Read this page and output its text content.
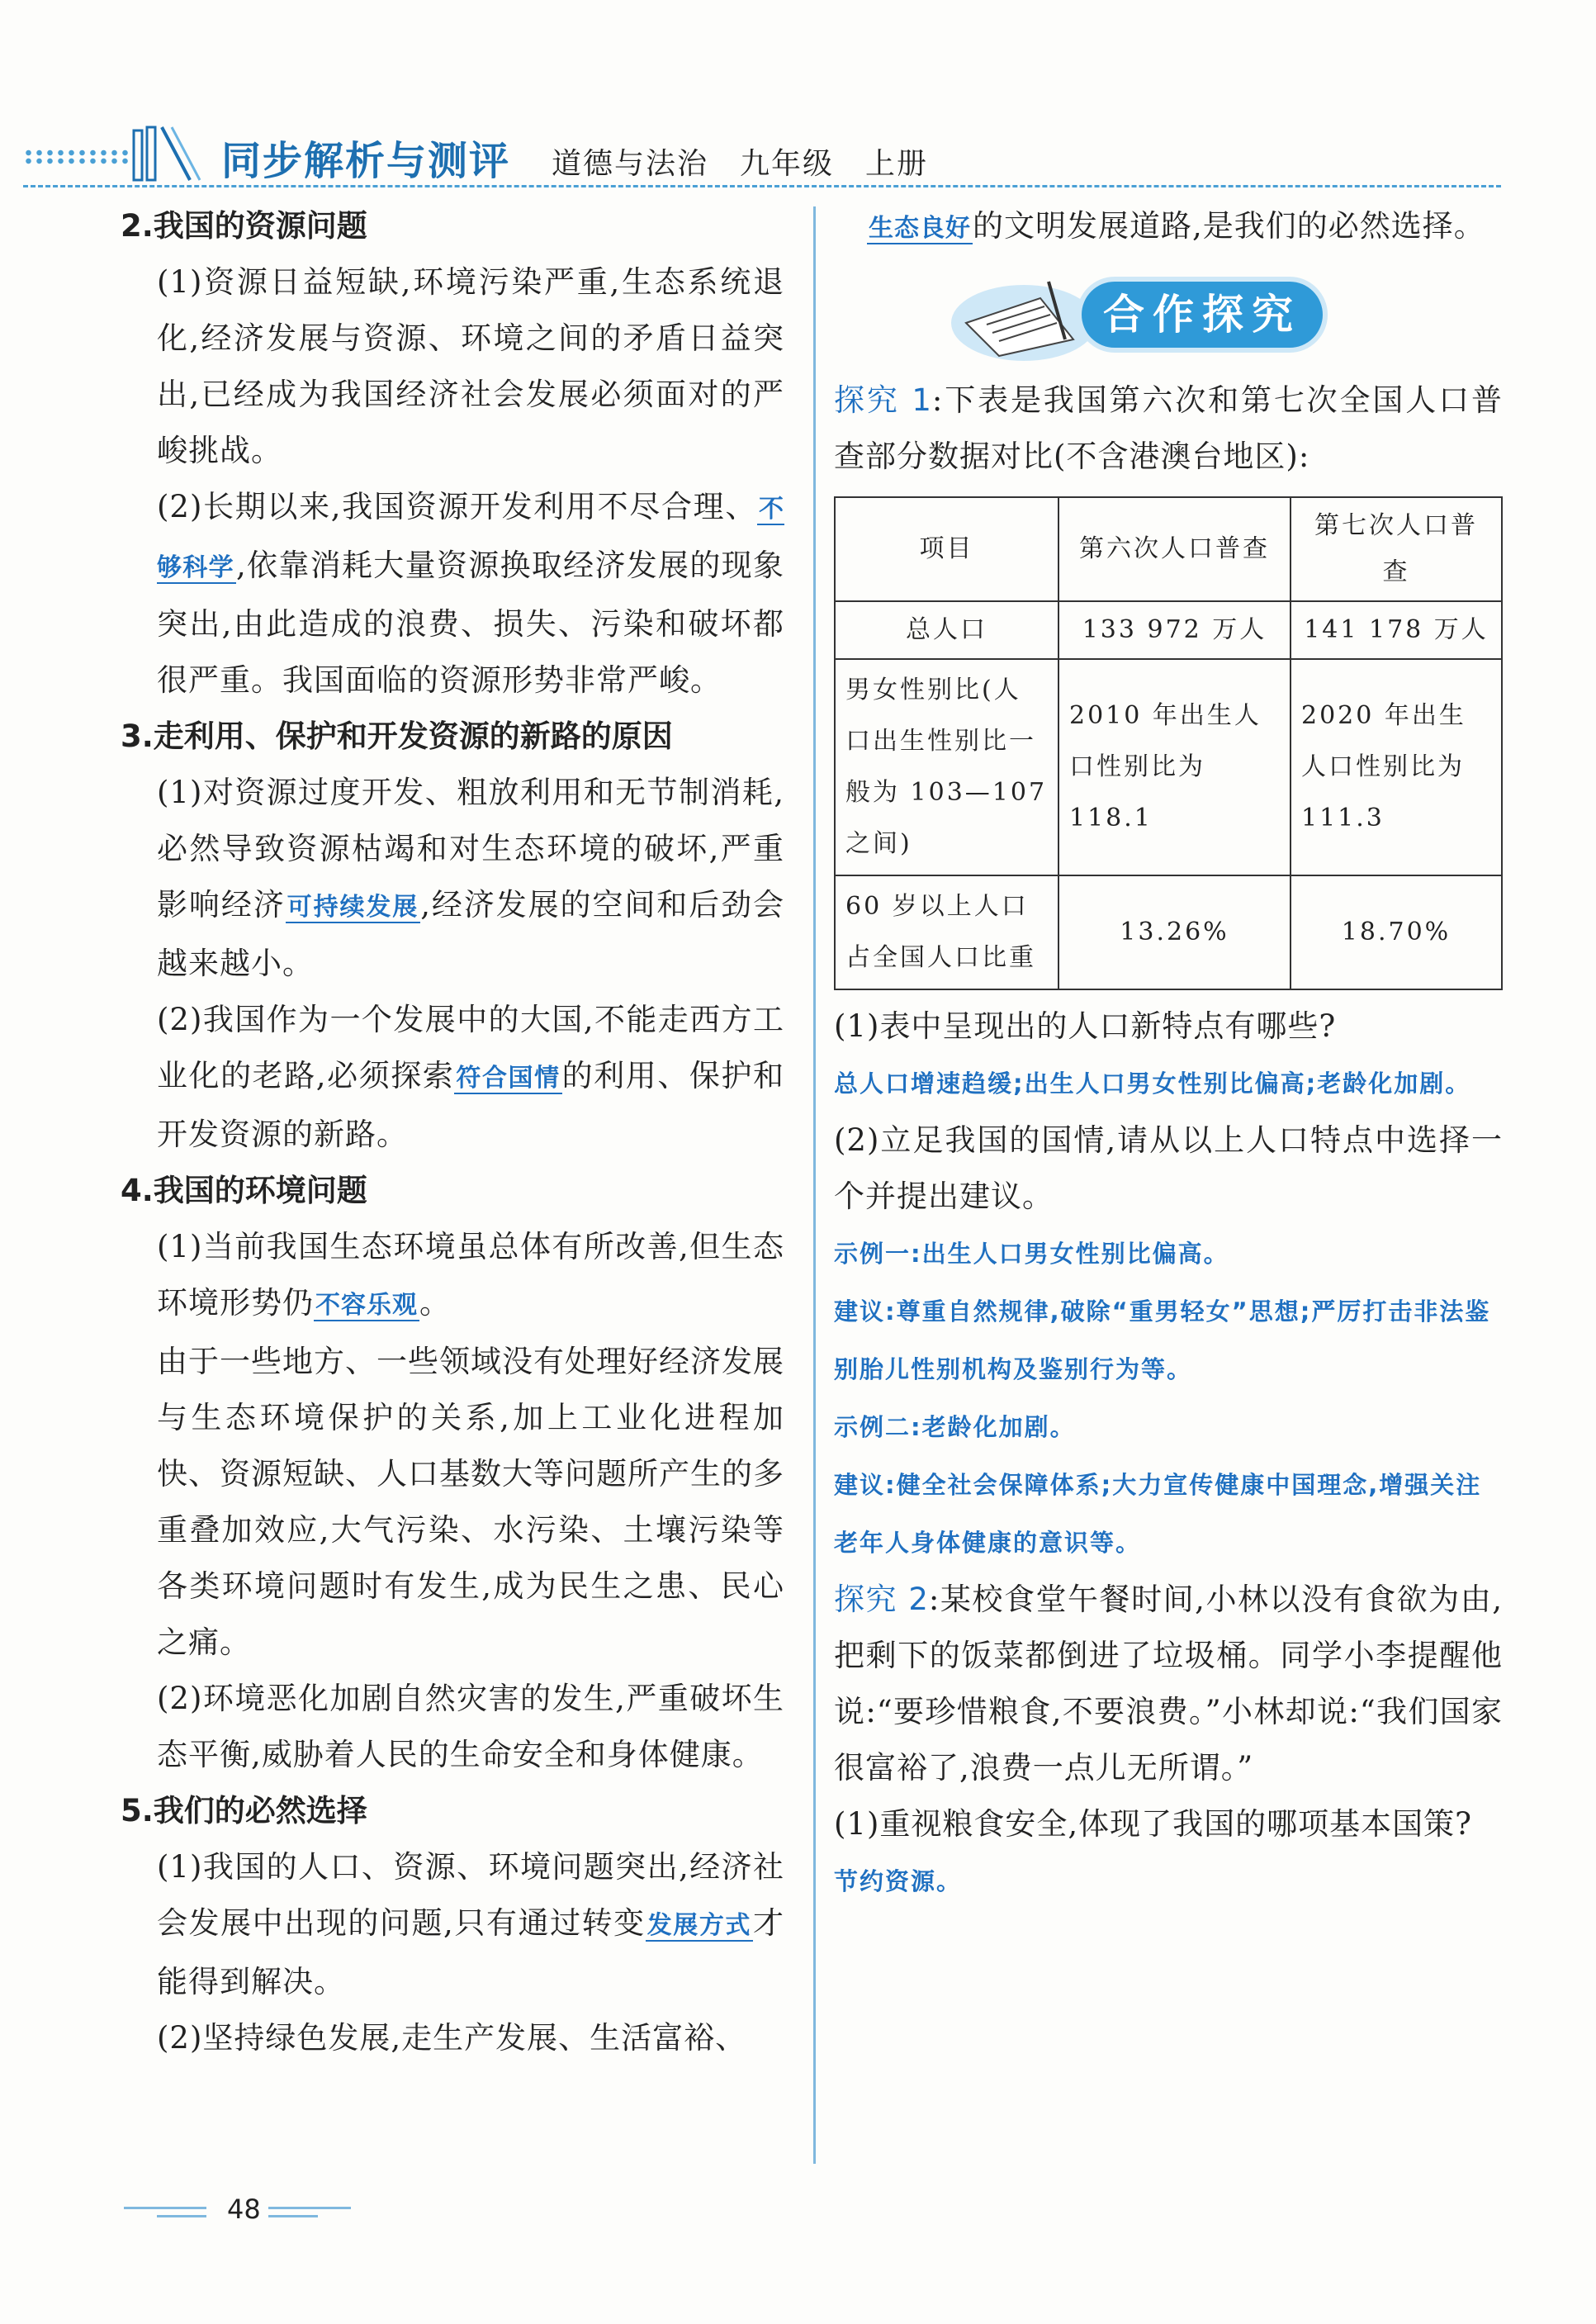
同步解析与测评 道德与法治　九年级　上册
2.我国的资源问题
(1)资源日益短缺,环境污染严重,生态系统退化,经济发展与资源、环境之间的矛盾日益突出,已经成为我国经济社会发展必须面对的严峻挑战。
(2)长期以来,我国资源开发利用不尽合理、不够科学,依靠消耗大量资源换取经济发展的现象突出,由此造成的浪费、损失、污染和破坏都很严重。我国面临的资源形势非常严峻。
3.走利用、保护和开发资源的新路的原因
(1)对资源过度开发、粗放利用和无节制消耗,必然导致资源枯竭和对生态环境的破坏,严重影响经济可持续发展,经济发展的空间和后劲会越来越小。
(2)我国作为一个发展中的大国,不能走西方工业化的老路,必须探索符合国情的利用、保护和开发资源的新路。
4.我国的环境问题
(1)当前我国生态环境虽总体有所改善,但生态环境形势仍不容乐观。
由于一些地方、一些领域没有处理好经济发展与生态环境保护的关系,加上工业化进程加快、资源短缺、人口基数大等问题所产生的多重叠加效应,大气污染、水污染、土壤污染等各类环境问题时有发生,成为民生之患、民心之痛。
(2)环境恶化加剧自然灾害的发生,严重破坏生态平衡,威胁着人民的生命安全和身体健康。
5.我们的必然选择
(1)我国的人口、资源、环境问题突出,经济社会发展中出现的问题,只有通过转变发展方式才能得到解决。
(2)坚持绿色发展,走生产发展、生活富裕、
生态良好的文明发展道路,是我们的必然选择。
合作探究
探究 1:下表是我国第六次和第七次全国人口普查部分数据对比(不含港澳台地区):
项目	第六次人口普查	第七次人口普查
总人口	133 972 万人	141 178 万人
男女性别比(人口出生性别比一般为 103—107 之间)	2010 年出生人口性别比为 118.1	2020 年出生人口性别比为 111.3
60 岁以上人口占全国人口比重	13.26%	18.70%
(1)表中呈现出的人口新特点有哪些?
总人口增速趋缓;出生人口男女性别比偏高;老龄化加剧。
(2)立足我国的国情,请从以上人口特点中选择一个并提出建议。
示例一:出生人口男女性别比偏高。
建议:尊重自然规律,破除“重男轻女”思想;严厉打击非法鉴别胎儿性别机构及鉴别行为等。
示例二:老龄化加剧。
建议:健全社会保障体系;大力宣传健康中国理念,增强关注老年人身体健康的意识等。
探究 2:某校食堂午餐时间,小林以没有食欲为由,把剩下的饭菜都倒进了垃圾桶。同学小李提醒他说:“要珍惜粮食,不要浪费。”小林却说:“我们国家很富裕了,浪费一点儿无所谓。”
(1)重视粮食安全,体现了我国的哪项基本国策?
节约资源。
48
